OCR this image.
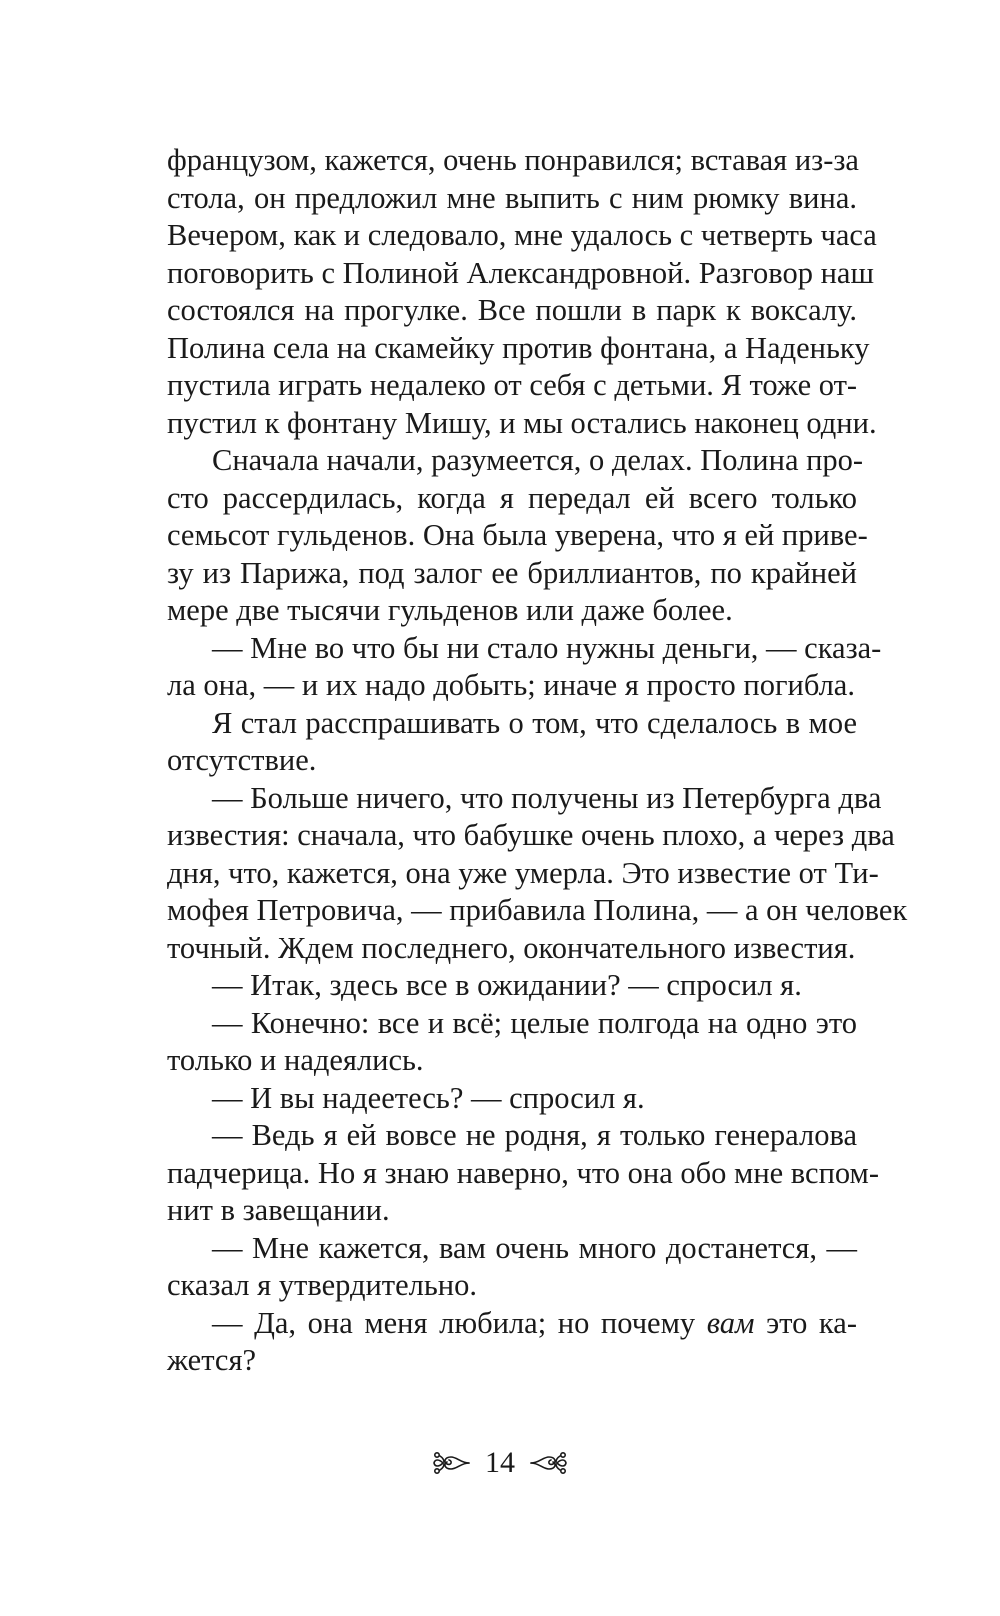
французом, кажется, очень понравился; вставая из-за
стола, он предложил мне выпить с ним рюмку вина.
Вечером, как и следовало, мне удалось с четверть часа
поговорить с Полиной Александровной. Разговор наш
состоялся на прогулке. Все пошли в парк к воксалу.
Полина села на скамейку против фонтана, а Наденьку
пустила играть недалеко от себя с детьми. Я тоже от-
пустил к фонтану Мишу, и мы остались наконец одни.
Сначала начали, разумеется, о делах. Полина про-
сто рассердилась, когда я передал ей всего только
семьсот гульденов. Она была уверена, что я ей приве-
зу из Парижа, под залог ее бриллиантов, по крайней
мере две тысячи гульденов или даже более.
— Мне во что бы ни стало нужны деньги, — сказа-
ла она, — и их надо добыть; иначе я просто погибла.
Я стал расспрашивать о том, что сделалось в мое
отсутствие.
— Больше ничего, что получены из Петербурга два
известия: сначала, что бабушке очень плохо, а через два
дня, что, кажется, она уже умерла. Это известие от Ти-
мофея Петровича, — прибавила Полина, — а он человек
точный. Ждем последнего, окончательного известия.
— Итак, здесь все в ожидании? — спросил я.
— Конечно: все и всё; целые полгода на одно это
только и надеялись.
— И вы надеетесь? — спросил я.
— Ведь я ей вовсе не родня, я только генералова
падчерица. Но я знаю наверно, что она обо мне вспом-
нит в завещании.
— Мне кажется, вам очень много достанется, —
сказал я утвердительно.
— Да, она меня любила; но почему вам это ка-
жется?
14
